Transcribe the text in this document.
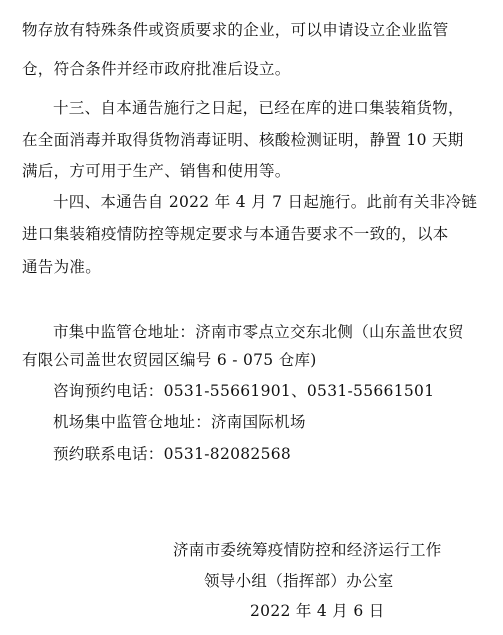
物存放有特殊条件或资质要求的企业，可以申请设立企业监管
仓，符合条件并经市政府批准后设立。
十三、自本通告施行之日起，已经在库的进口集装箱货物，
在全面消毒并取得货物消毒证明、核酸检测证明，静置 10 天期
满后，方可用于生产、销售和使用等。
十四、本通告自 2022 年 4 月 7 日起施行。此前有关非冷链
进口集装箱疫情防控等规定要求与本通告要求不一致的，以本
通告为准。
市集中监管仓地址：济南市零点立交东北侧（山东盖世农贸
有限公司盖世农贸园区编号 6 - 075 仓库)
咨询预约电话：0531-55661901、0531-55661501
机场集中监管仓地址：济南国际机场
预约联系电话：0531-82082568
济南市委统筹疫情防控和经济运行工作
领导小组（指挥部）办公室
2022 年 4 月 6 日
